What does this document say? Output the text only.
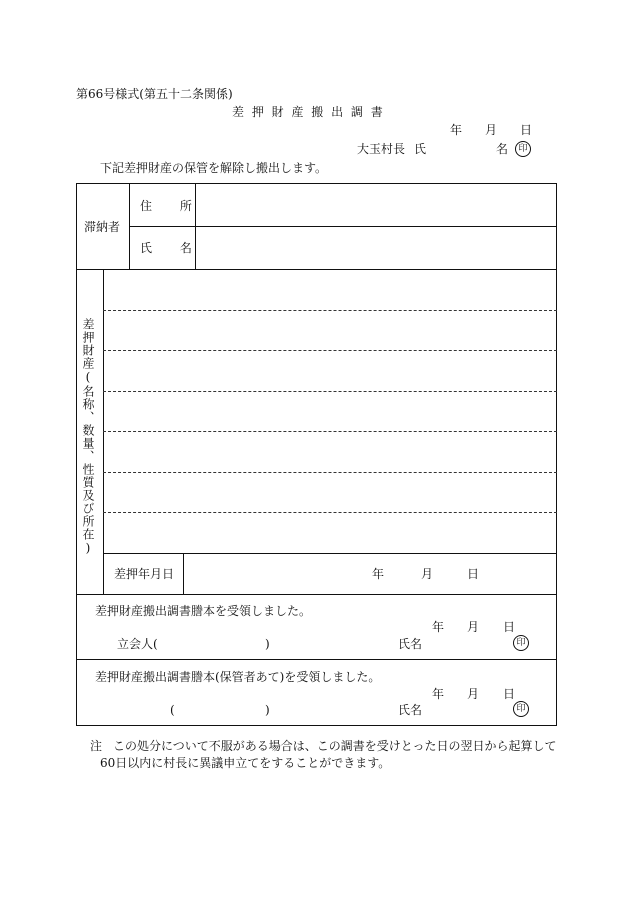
第66号様式(第五十二条関係)
差 押 財 産 搬 出 調 書
年 月 日
大玉村長 氏	名	印
下記差押財産の保管を解除し搬出します。
滞納者
住 所
氏 名
差押財産(名称、数量、性質及び所在)
差押年月日	年	月	日
差押財産搬出調書謄本を受領しました。
年 月 日
立会人(	)	氏名	印
差押財産搬出調書謄本(保管者あて)を受領しました。
年 月 日
(	)	氏名	印
注 この処分について不服がある場合は、この調書を受けとった日の翌日から起算して
60日以内に村長に異議申立てをすることができます。
